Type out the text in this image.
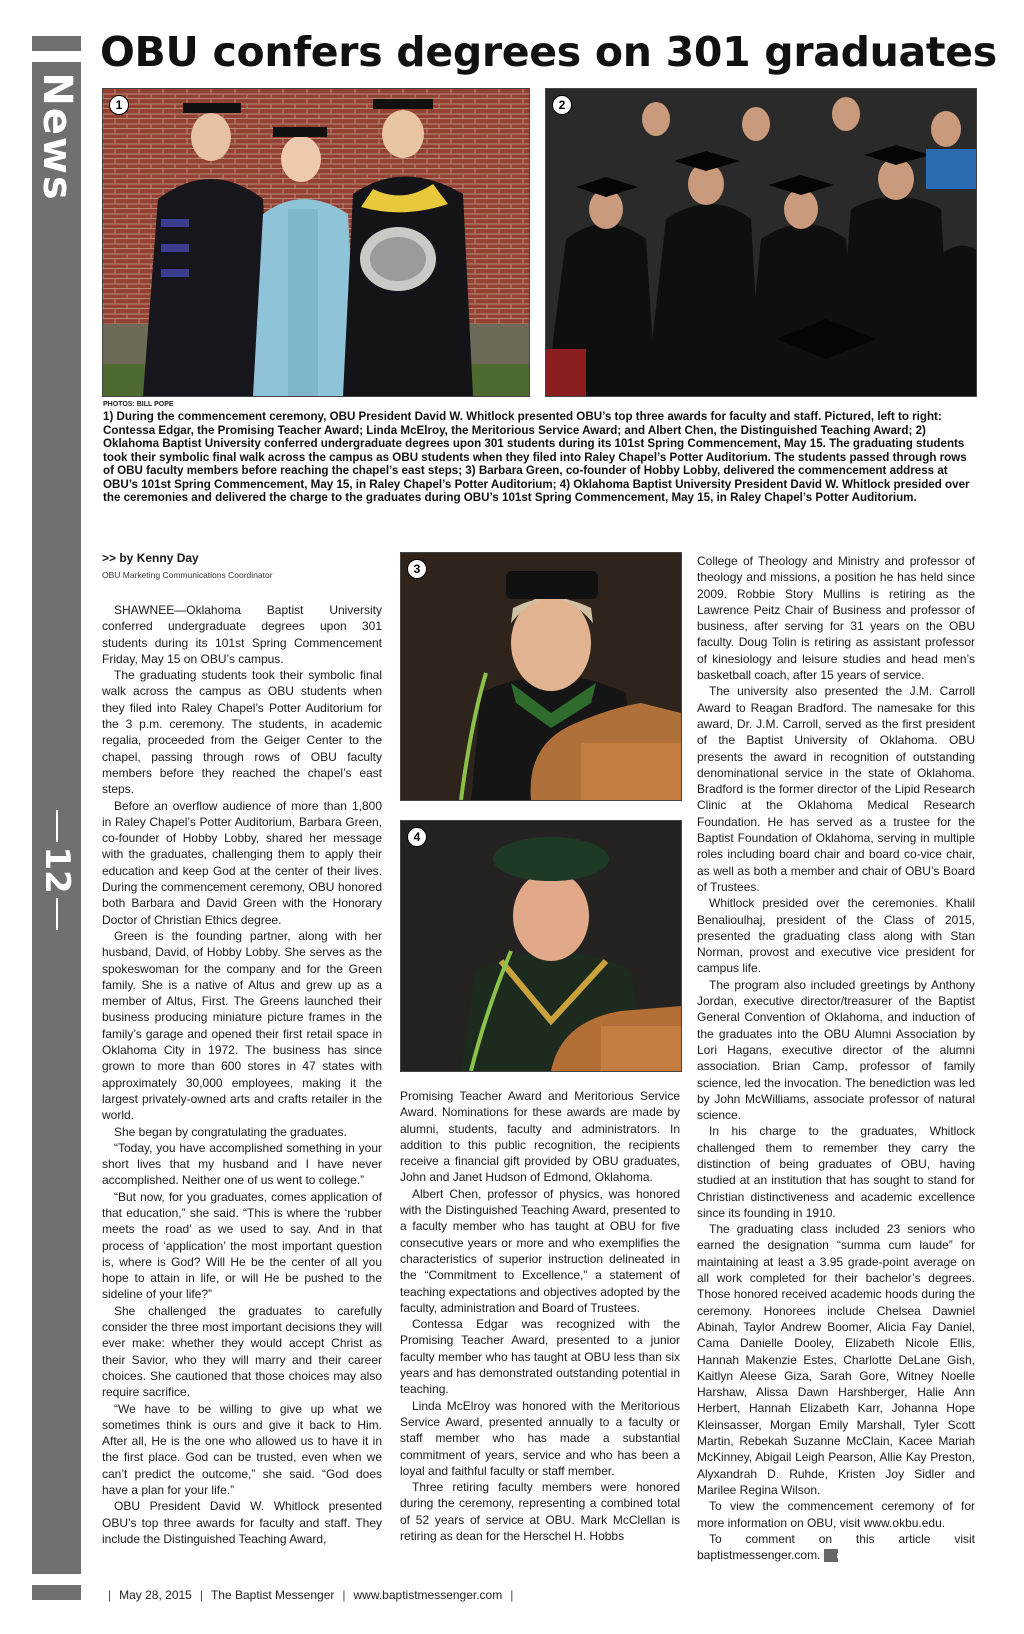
News
12
OBU confers degrees on 301 graduates
1	2

PHOTOS: BILL POPE

1) During the commencement ceremony, OBU President David W. Whitlock presented OBU’s top three awards for faculty and staff. Pictured, left to right: Contessa Edgar, the Promising Teacher Award; Linda McElroy, the Meritorious Service Award; and Albert Chen, the Distinguished Teaching Award; 2) Oklahoma Baptist University conferred undergraduate degrees upon 301 students during its 101st Spring Commencement, May 15. The graduating students took their symbolic final walk across the campus as OBU students when they filed into Raley Chapel’s Potter Auditorium. The students passed through rows of OBU faculty members before reaching the chapel’s east steps; 3) Barbara Green, co-founder of Hobby Lobby, delivered the commencement address at OBU’s 101st Spring Commencement, May 15, in Raley Chapel’s Potter Auditorium; 4) Oklahoma Baptist University President David W. Whitlock presided over the ceremonies and delivered the charge to the graduates during OBU’s 101st Spring Commencement, May 15, in Raley Chapel’s Potter Auditorium.

>> by Kenny Day

OBU Marketing Communications Coordinator	3
4

SHAWNEE—Oklahoma Baptist University conferred undergraduate degrees upon 301 students during its 101st Spring Commencement Friday, May 15 on OBU’s campus.

The graduating students took their symbolic final walk across the campus as OBU students when they filed into Raley Chapel’s Potter Auditorium for the 3 p.m. ceremony. The students, in academic regalia, proceeded from the Geiger Center to the chapel, passing through rows of OBU faculty members before they reached the chapel’s east steps.

Before an overflow audience of more than 1,800 in Raley Chapel’s Potter Auditorium, Barbara Green, co-founder of Hobby Lobby, shared her message with the graduates, challenging them to apply their education and keep God at the center of their lives. During the commencement ceremony, OBU honored both Barbara and David Green with the Honorary Doctor of Christian Ethics degree.

Green is the founding partner, along with her husband, David, of Hobby Lobby. She serves as the spokeswoman for the company and for the Green family. She is a native of Altus and grew up as a member of Altus, First. The Greens launched their business producing miniature picture frames in the family’s garage and opened their first retail space in Oklahoma City in 1972. The business has since grown to more than 600 stores in 47 states with approximately 30,000 employees, making it the largest privately-owned arts and crafts retailer in the world.

She began by congratulating the graduates.

“Today, you have accomplished something in your short lives that my husband and I have never accomplished. Neither one of us went to college.”

“But now, for you graduates, comes application of that education,” she said. “This is where the ‘rubber meets the road’ as we used to say. And in that process of ‘application’ the most important question is, where is God? Will He be the center of all you hope to attain in life, or will He be pushed to the sideline of your life?”

She challenged the graduates to carefully consider the three most important decisions they will ever make: whether they would accept Christ as their Savior, who they will marry and their career choices. She cautioned that those choices may also require sacrifice.

“We have to be willing to give up what we sometimes think is ours and give it back to Him. After all, He is the one who allowed us to have it in the first place. God can be trusted, even when we can’t predict the outcome,” she said. “God does have a plan for your life.”

OBU President David W. Whitlock presented OBU’s top three awards for faculty and staff. They include the Distinguished Teaching Award,

Promising Teacher Award and Meritorious Service Award. Nominations for these awards are made by alumni, students, faculty and administrators. In addition to this public recognition, the recipients receive a financial gift provided by OBU graduates, John and Janet Hudson of Edmond, Oklahoma.

Albert Chen, professor of physics, was honored with the Distinguished Teaching Award, presented to a faculty member who has taught at OBU for five consecutive years or more and who exemplifies the characteristics of superior instruction delineated in the “Commitment to Excellence,” a statement of teaching expectations and objectives adopted by the faculty, administration and Board of Trustees.

Contessa Edgar was recognized with the Promising Teacher Award, presented to a junior faculty member who has taught at OBU less than six years and has demonstrated outstanding potential in teaching.

Linda McElroy was honored with the Meritorious Service Award, presented annually to a faculty or staff member who has made a substantial commitment of years, service and who has been a loyal and faithful faculty or staff member.

Three retiring faculty members were honored during the ceremony, representing a combined total of 52 years of service at OBU. Mark McClellan is retiring as dean for the Herschel H. Hobbs

College of Theology and Ministry and professor of theology and missions, a position he has held since 2009. Robbie Story Mullins is retiring as the Lawrence Peitz Chair of Business and professor of business, after serving for 31 years on the OBU faculty. Doug Tolin is retiring as assistant professor of kinesiology and leisure studies and head men’s basketball coach, after 15 years of service.

The university also presented the J.M. Carroll Award to Reagan Bradford. The namesake for this award, Dr. J.M. Carroll, served as the first president of the Baptist University of Oklahoma. OBU presents the award in recognition of outstanding denominational service in the state of Oklahoma. Bradford is the former director of the Lipid Research Clinic at the Oklahoma Medical Research Foundation. He has served as a trustee for the Baptist Foundation of Oklahoma, serving in multiple roles including board chair and board co-vice chair, as well as both a member and chair of OBU’s Board of Trustees.

Whitlock presided over the ceremonies. Khalil Benalioulhaj, president of the Class of 2015, presented the graduating class along with Stan Norman, provost and executive vice president for campus life.

The program also included greetings by Anthony Jordan, executive director/treasurer of the Baptist General Convention of Oklahoma, and induction of the graduates into the OBU Alumni Association by Lori Hagans, executive director of the alumni association. Brian Camp, professor of family science, led the invocation. The benediction was led by John McWilliams, associate professor of natural science.

In his charge to the graduates, Whitlock challenged them to remember they carry the distinction of being graduates of OBU, having studied at an institution that has sought to stand for Christian distinctiveness and academic excellence since its founding in 1910.

The graduating class included 23 seniors who earned the designation “summa cum laude” for maintaining at least a 3.95 grade-point average on all work completed for their bachelor’s degrees. Those honored received academic hoods during the ceremony. Honorees include Chelsea Dawniel Abinah, Taylor Andrew Boomer, Alicia Fay Daniel, Cama Danielle Dooley, Elizabeth Nicole Ellis, Hannah Makenzie Estes, Charlotte DeLane Gish, Kaitlyn Aleese Giza, Sarah Gore, Witney Noelle Harshaw, Alissa Dawn Harshberger, Halie Ann Herbert, Hannah Elizabeth Karr, Johanna Hope Kleinsasser, Morgan Emily Marshall, Tyler Scott Martin, Rebekah Suzanne McClain, Kacee Mariah McKinney, Abigail Leigh Pearson, Allie Kay Preston, Alyxandrah D. Ruhde, Kristen Joy Sidler and Marilee Regina Wilson.

To view the commencement ceremony of for more information on OBU, visit www.okbu.edu.

To comment on this article visit baptistmessenger.com. m

| May 28, 2015 | The Baptist Messenger | www.baptistmessenger.com |
